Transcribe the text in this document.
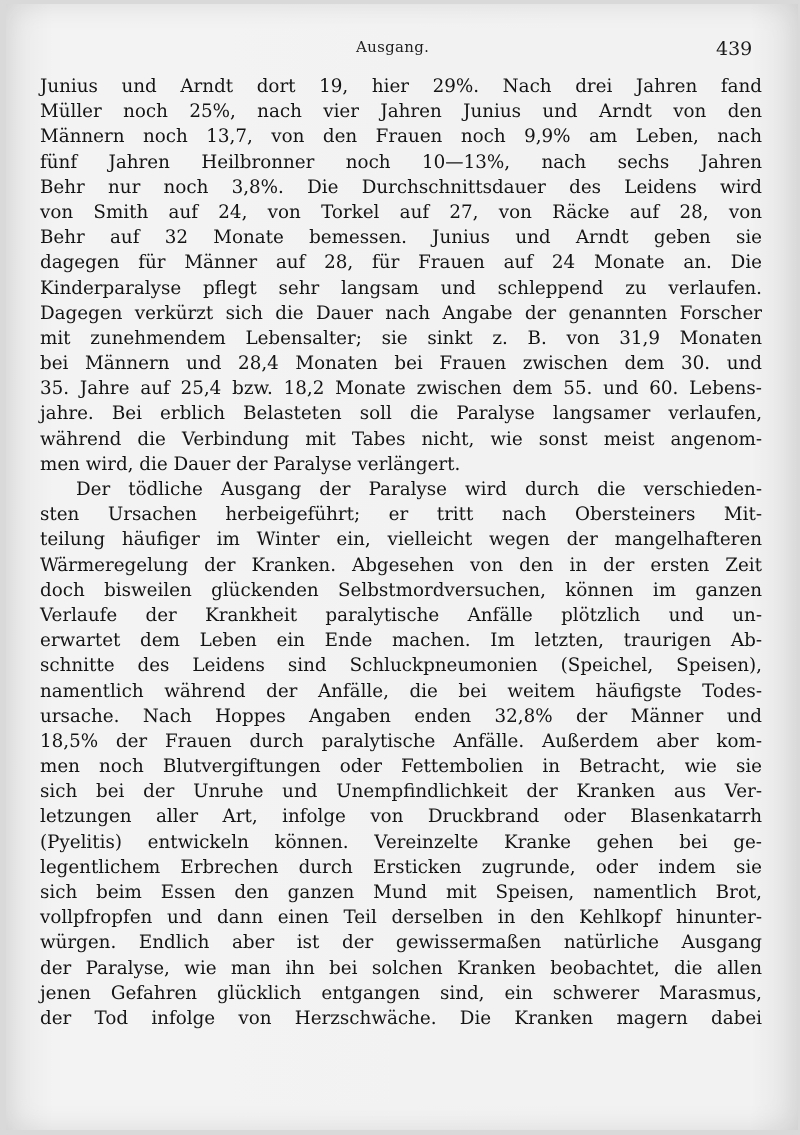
Ausgang.	439
Junius und Arndt dort 19, hier 29%. Nach drei Jahren fand
Müller noch 25%, nach vier Jahren Junius und Arndt von den
Männern noch 13,7, von den Frauen noch 9,9% am Leben, nach
fünf Jahren Heilbronner noch 10—13%, nach sechs Jahren
Behr nur noch 3,8%. Die Durchschnittsdauer des Leidens wird
von Smith auf 24, von Torkel auf 27, von Räcke auf 28, von
Behr auf 32 Monate bemessen. Junius und Arndt geben sie
dagegen für Männer auf 28, für Frauen auf 24 Monate an. Die
Kinderparalyse pflegt sehr langsam und schleppend zu verlaufen.
Dagegen verkürzt sich die Dauer nach Angabe der genannten Forscher
mit zunehmendem Lebensalter; sie sinkt z. B. von 31,9 Monaten
bei Männern und 28,4 Monaten bei Frauen zwischen dem 30. und
35. Jahre auf 25,4 bzw. 18,2 Monate zwischen dem 55. und 60. Lebens-
jahre. Bei erblich Belasteten soll die Paralyse langsamer verlaufen,
während die Verbindung mit Tabes nicht, wie sonst meist angenom-
men wird, die Dauer der Paralyse verlängert.
Der tödliche Ausgang der Paralyse wird durch die verschieden-
sten Ursachen herbeigeführt; er tritt nach Obersteiners Mit-
teilung häufiger im Winter ein, vielleicht wegen der mangelhafteren
Wärmeregelung der Kranken. Abgesehen von den in der ersten Zeit
doch bisweilen glückenden Selbstmordversuchen, können im ganzen
Verlaufe der Krankheit paralytische Anfälle plötzlich und un-
erwartet dem Leben ein Ende machen. Im letzten, traurigen Ab-
schnitte des Leidens sind Schluckpneumonien (Speichel, Speisen),
namentlich während der Anfälle, die bei weitem häufigste Todes-
ursache. Nach Hoppes Angaben enden 32,8% der Männer und
18,5% der Frauen durch paralytische Anfälle. Außerdem aber kom-
men noch Blutvergiftungen oder Fettembolien in Betracht, wie sie
sich bei der Unruhe und Unempfindlichkeit der Kranken aus Ver-
letzungen aller Art, infolge von Druckbrand oder Blasenkatarrh
(Pyelitis) entwickeln können. Vereinzelte Kranke gehen bei ge-
legentlichem Erbrechen durch Ersticken zugrunde, oder indem sie
sich beim Essen den ganzen Mund mit Speisen, namentlich Brot,
vollpfropfen und dann einen Teil derselben in den Kehlkopf hinunter-
würgen. Endlich aber ist der gewissermaßen natürliche Ausgang
der Paralyse, wie man ihn bei solchen Kranken beobachtet, die allen
jenen Gefahren glücklich entgangen sind, ein schwerer Marasmus,
der Tod infolge von Herzschwäche. Die Kranken magern dabei
